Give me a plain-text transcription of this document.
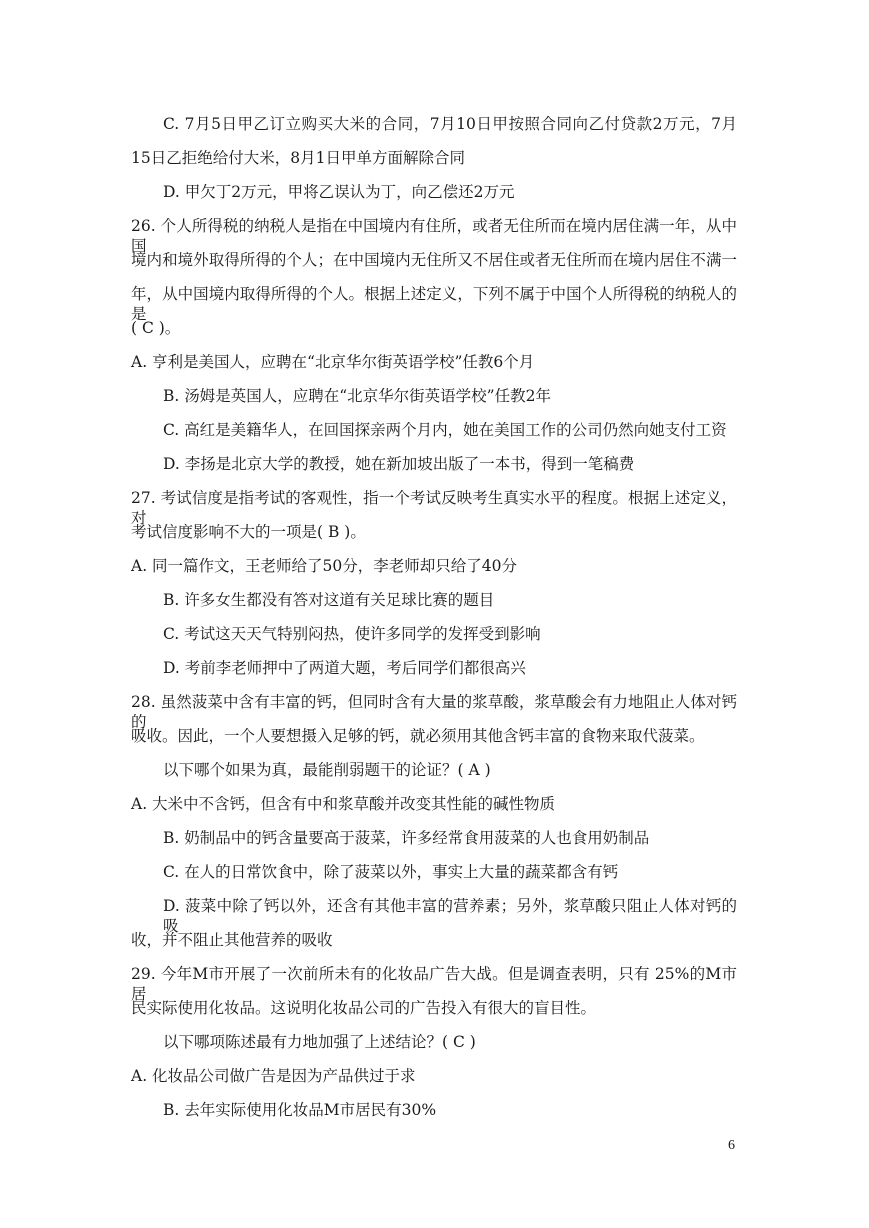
C. 7月5日甲乙订立购买大米的合同，7月10日甲按照合同向乙付贷款2万元，7月
15日乙拒绝给付大米，8月1日甲单方面解除合同
D. 甲欠丁2万元，甲将乙误认为丁，向乙偿还2万元
26. 个人所得税的纳税人是指在中国境内有住所，或者无住所而在境内居住满一年，从中国
境内和境外取得所得的个人；在中国境内无住所又不居住或者无住所而在境内居住不满一
年，从中国境内取得所得的个人。根据上述定义，下列不属于中国个人所得税的纳税人的是
( C )。
A. 亨利是美国人，应聘在“北京华尔街英语学校”任教6个月
B. 汤姆是英国人，应聘在“北京华尔街英语学校”任教2年
C. 高红是美籍华人，在回国探亲两个月内，她在美国工作的公司仍然向她支付工资
D. 李扬是北京大学的教授，她在新加坡出版了一本书，得到一笔稿费
27. 考试信度是指考试的客观性，指一个考试反映考生真实水平的程度。根据上述定义，对
考试信度影响不大的一项是( B )。
A. 同一篇作文，王老师给了50分，李老师却只给了40分
B. 许多女生都没有答对这道有关足球比赛的题目
C. 考试这天天气特别闷热，使许多同学的发挥受到影响
D. 考前李老师押中了两道大题，考后同学们都很高兴
28. 虽然菠菜中含有丰富的钙，但同时含有大量的浆草酸，浆草酸会有力地阻止人体对钙的
吸收。因此，一个人要想摄入足够的钙，就必须用其他含钙丰富的食物来取代菠菜。
以下哪个如果为真，最能削弱题干的论证？( A )
A. 大米中不含钙，但含有中和浆草酸并改变其性能的碱性物质
B. 奶制品中的钙含量要高于菠菜，许多经常食用菠菜的人也食用奶制品
C. 在人的日常饮食中，除了菠菜以外，事实上大量的蔬菜都含有钙
D. 菠菜中除了钙以外，还含有其他丰富的营养素；另外，浆草酸只阻止人体对钙的吸
收，并不阻止其他营养的吸收
29. 今年M市开展了一次前所未有的化妆品广告大战。但是调查表明，只有 25%的M市居
民实际使用化妆品。这说明化妆品公司的广告投入有很大的盲目性。
以下哪项陈述最有力地加强了上述结论？( C )
A. 化妆品公司做广告是因为产品供过于求
B. 去年实际使用化妆品M市居民有30%
6
